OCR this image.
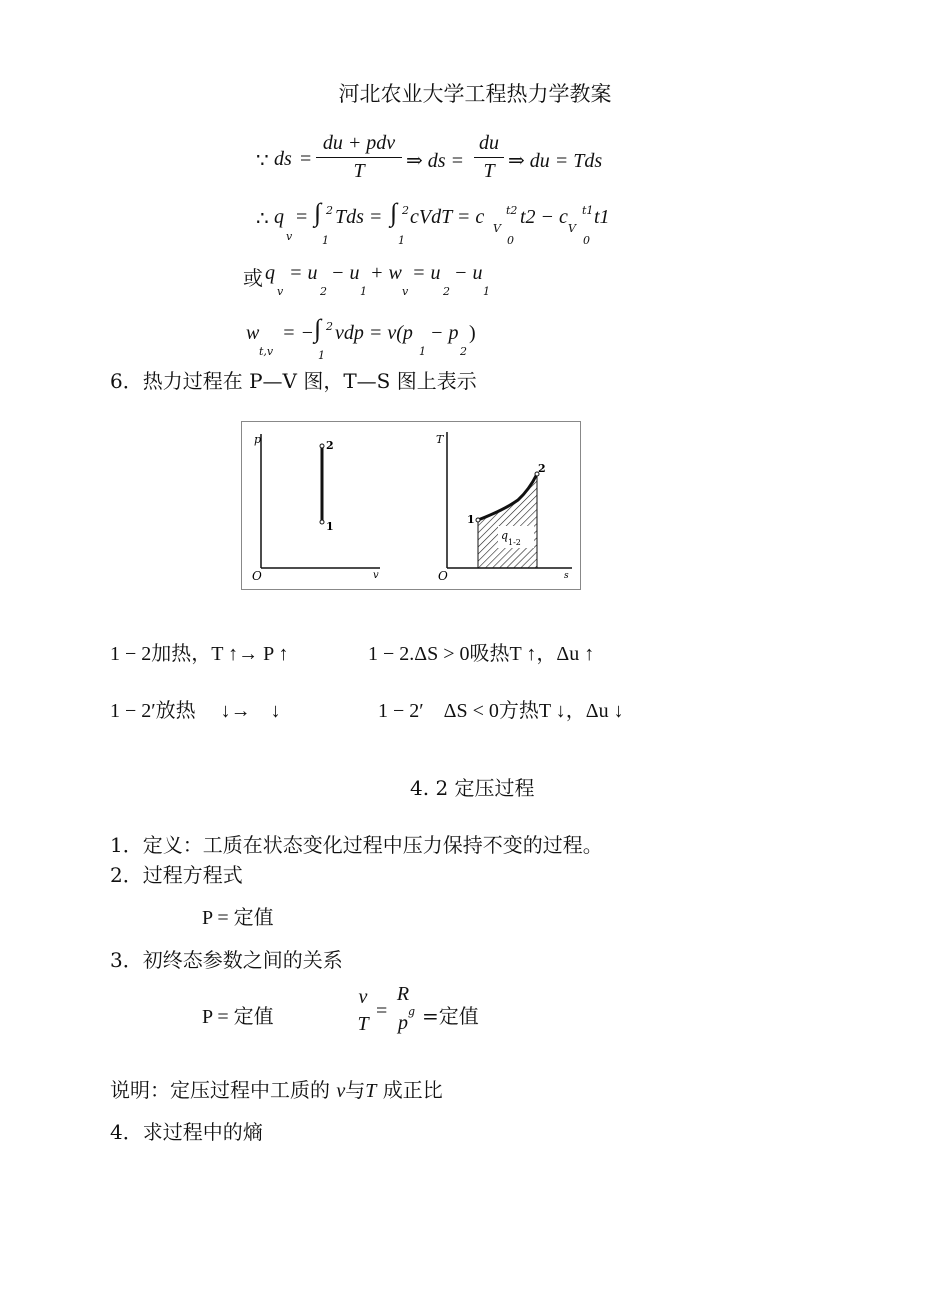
河北农业大学工程热力学教案
∵ ds =
du + pdv
T	⇒ ds =
du
T ⇒ du = Tds
∴ q
v
= ∫ 2
1
Tds = ∫ 2
1
cVdT = c
V
t2
0
t2 − c
V
t1
0
t1
或 q
v
= u
2
− u
1
+ w
v
= u
2
− u
1
w
t,v
= − ∫ 2
1
vdp = v(p
1
− p
2
)
6．热力过程在 P—V 图，T—S 图上表示
p
v
O
2
1
T
s
O
1
2
q
1-2
1 − 2加热，T ↑→ P ↑	1 − 2.ΔS > 0吸热T ↑，Δu ↑
1 − 2′放热　 ↓→　↓	1 − 2′　ΔS < 0方热T ↓，Δu ↓
4. 2 定压过程
1．定义：工质在状态变化过程中压力保持不变的过程。
2．过程方程式
P = 定值
3．初终态参数之间的关系
P = 定值
v
T
=
R
p
g =定值
说明：定压过程中工质的 v与T 成正比
4．求过程中的熵
